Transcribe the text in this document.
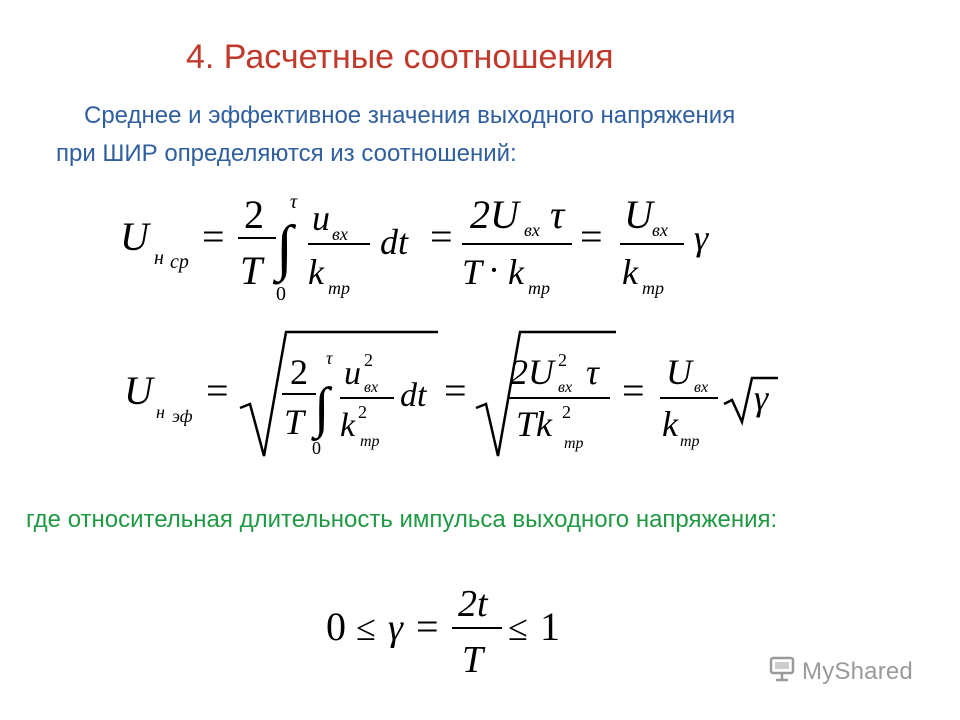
4. Расчетные соотношения
Среднее и эффективное значения выходного напряжения
при ШИР определяются из соотношений:
U н ср
= 2
T ∫
τ
0
u вх
k тр
dt = 2U вх τ
T · k тр
= U вх
k тр
γ
U н эф
= 2
T ∫
τ
0
u 2
вх
k 2
тр
dt = 2U 2
вх τ
Tk 2
тр
= U вх
k тр
γ
где относительная длительность импульса выходного напряжения:
0 ≤ γ = 2t
T
≤ 1
MyShared
